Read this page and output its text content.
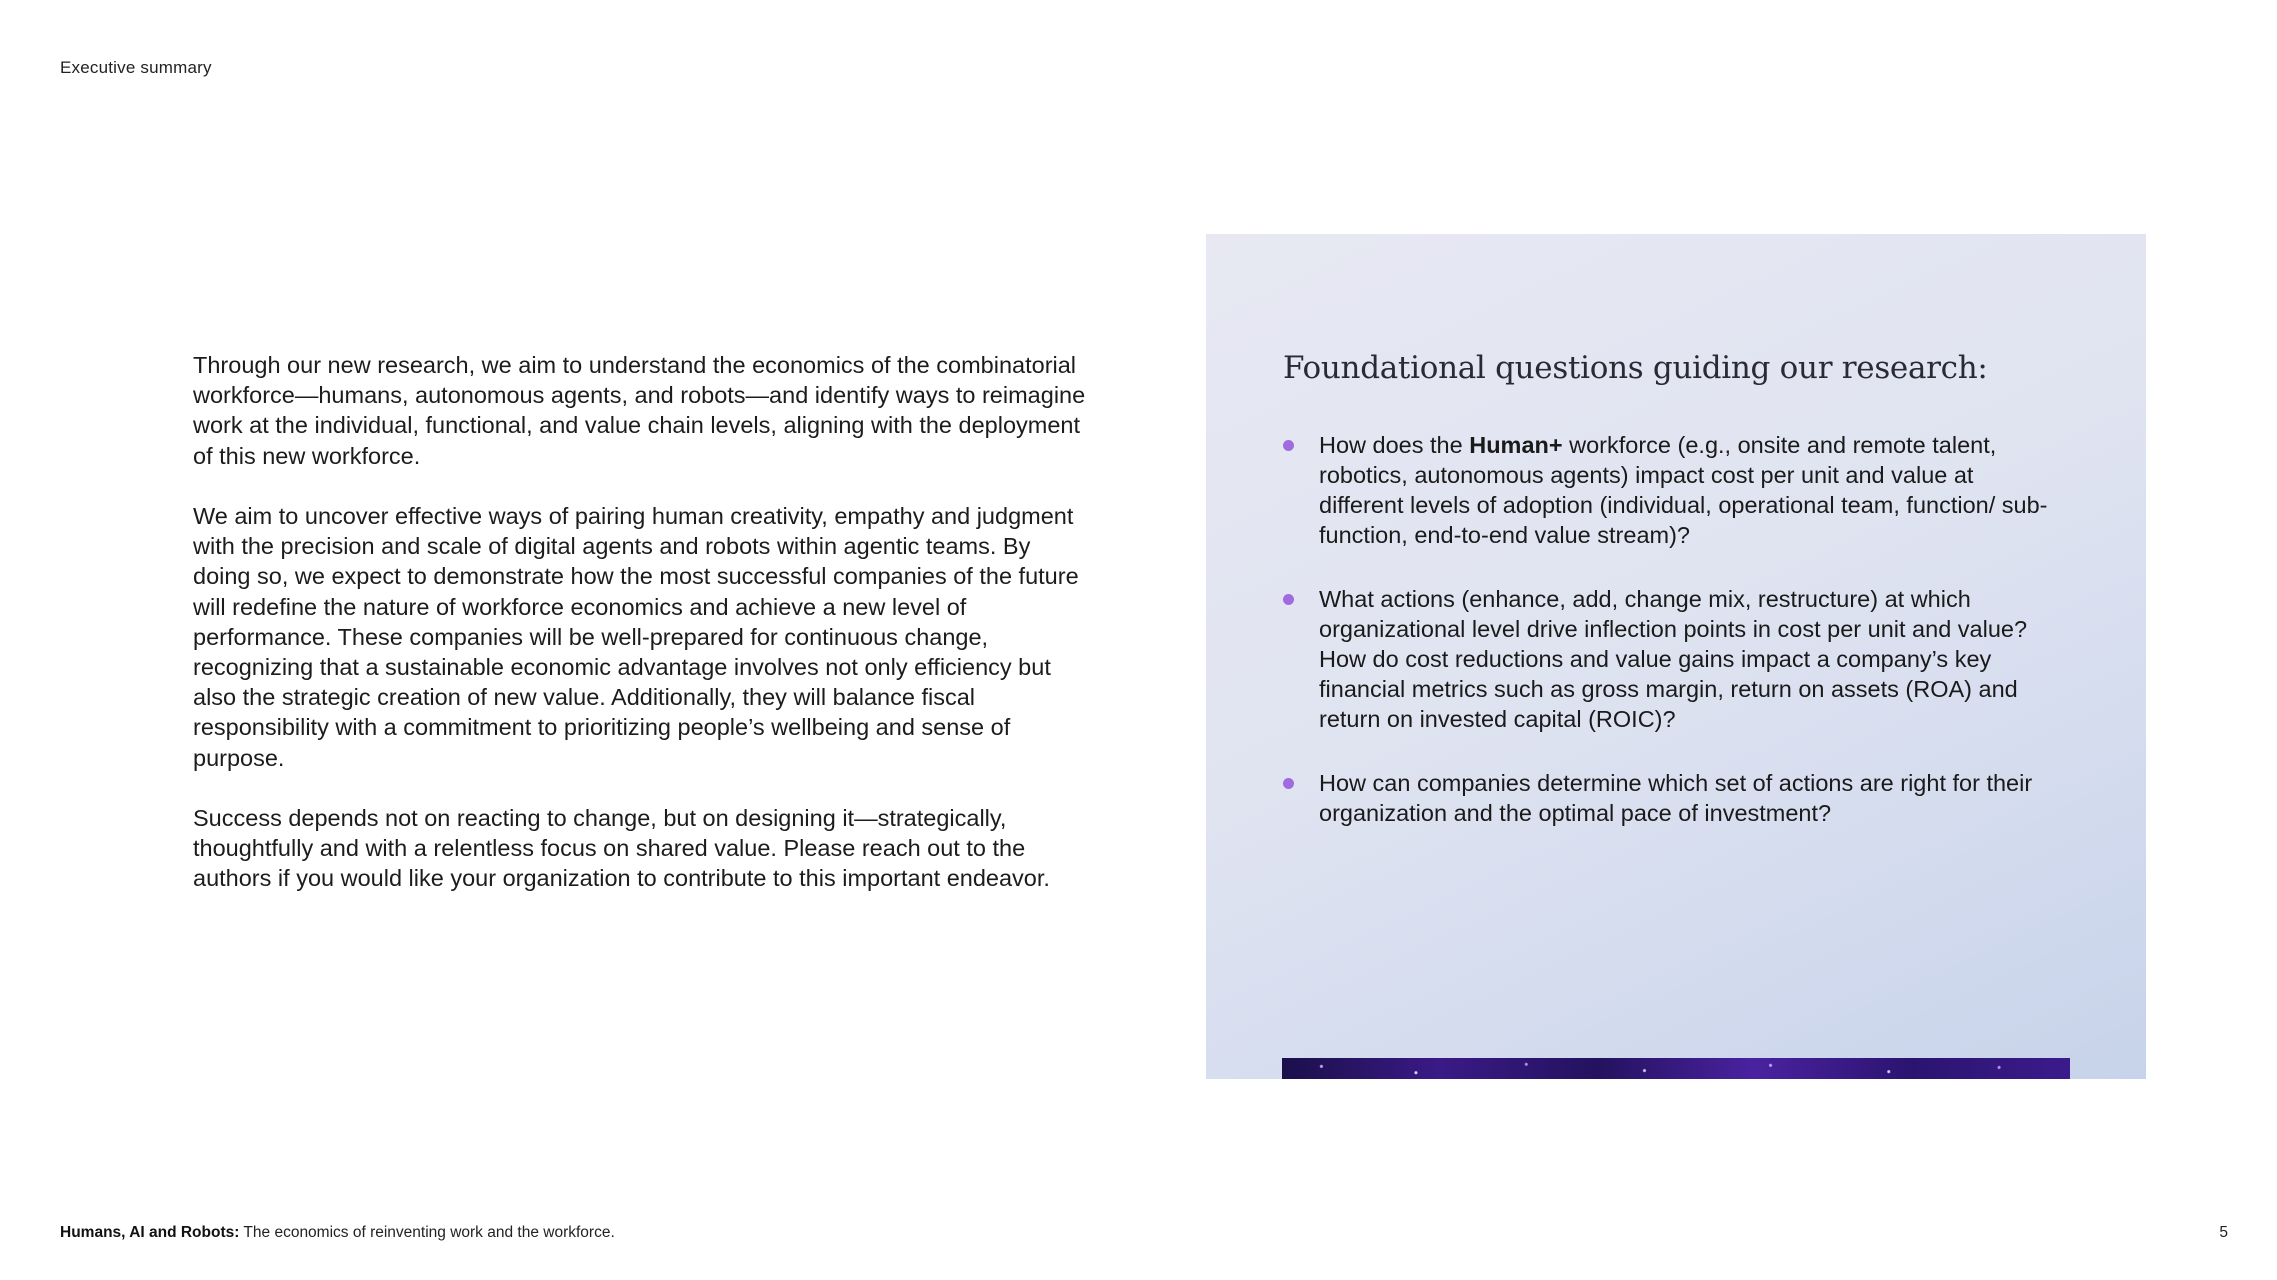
Executive summary

Through our new research, we aim to understand the economics of the combinatorial workforce—humans, autonomous agents, and robots—and identify ways to reimagine work at the individual, functional, and value chain levels, aligning with the deployment of this new workforce.

We aim to uncover effective ways of pairing human creativity, empathy and judgment with the precision and scale of digital agents and robots within agentic teams. By doing so, we expect to demonstrate how the most successful companies of the future will redefine the nature of workforce economics and achieve a new level of performance. These companies will be well-prepared for continuous change, recognizing that a sustainable economic advantage involves not only efficiency but also the strategic creation of new value. Additionally, they will balance fiscal responsibility with a commitment to prioritizing people’s wellbeing and sense of purpose.

Success depends not on reacting to change, but on designing it—strategically, thoughtfully and with a relentless focus on shared value. Please reach out to the authors if you would like your organization to contribute to this important endeavor.

Foundational questions guiding our research:
How does the Human+ workforce (e.g., onsite and remote talent, robotics, autonomous agents) impact cost per unit and value at different levels of adoption (individual, operational team, function/ sub-function, end-to-end value stream)?
What actions (enhance, add, change mix, restructure) at which organizational level drive inflection points in cost per unit and value? How do cost reductions and value gains impact a company’s key financial metrics such as gross margin, return on assets (ROA) and return on invested capital (ROIC)?
How can companies determine which set of actions are right for their organization and the optimal pace of investment?
Humans, AI and Robots: The economics of reinventing work and the workforce.	5
